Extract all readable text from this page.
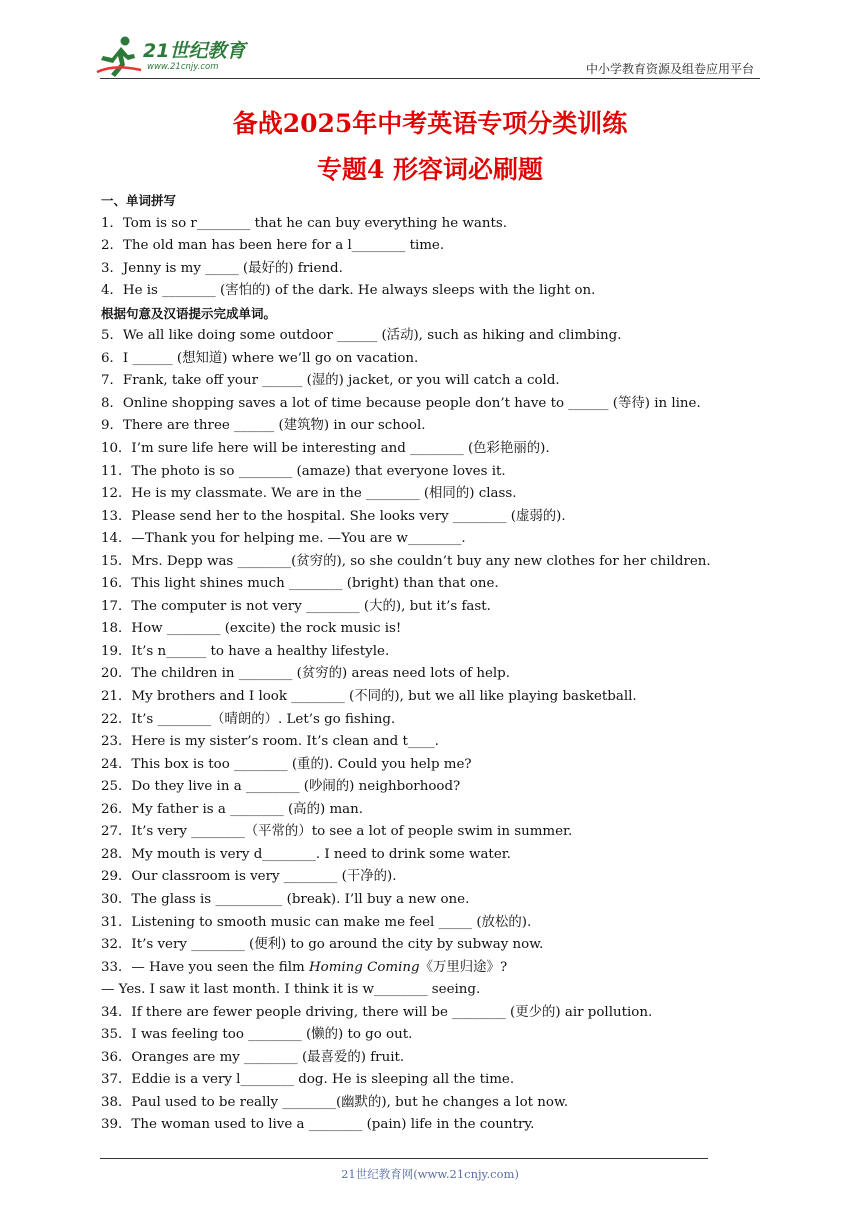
21世纪教育
www.21cnjy.com	中小学教育资源及组卷应用平台
备战2025年中考英语专项分类训练
专题4 形容词必刷题
一、单词拼写
1．Tom is so r________ that he can buy everything he wants.
2．The old man has been here for a l________ time.
3．Jenny is my _____ (最好的) friend.
4．He is ________ (害怕的) of the dark. He always sleeps with the light on.
根据句意及汉语提示完成单词。
5．We all like doing some outdoor ______ (活动), such as hiking and climbing.
6．I ______ (想知道) where we’ll go on vacation.
7．Frank, take off your ______ (湿的) jacket, or you will catch a cold.
8．Online shopping saves a lot of time because people don’t have to ______ (等待) in line.
9．There are three ______ (建筑物) in our school.
10．I’m sure life here will be interesting and ________ (色彩艳丽的).
11．The photo is so ________ (amaze) that everyone loves it.
12．He is my classmate. We are in the ________ (相同的) class.
13．Please send her to the hospital. She looks very ________ (虚弱的).
14．—Thank you for helping me. —You are w________.
15．Mrs. Depp was ________(贫穷的), so she couldn’t buy any new clothes for her children.
16．This light shines much ________ (bright) than that one.
17．The computer is not very ________ (大的), but it’s fast.
18．How ________ (excite) the rock music is!
19．It’s n______ to have a healthy lifestyle.
20．The children in ________ (贫穷的) areas need lots of help.
21．My brothers and I look ________ (不同的), but we all like playing basketball.
22．It’s ________（晴朗的）. Let’s go fishing.
23．Here is my sister’s room. It’s clean and t____.
24．This box is too ________ (重的). Could you help me?
25．Do they live in a ________ (吵闹的) neighborhood?
26．My father is a ________ (高的) man.
27．It’s very ________（平常的）to see a lot of people swim in summer.
28．My mouth is very d________. I need to drink some water.
29．Our classroom is very ________ (干净的).
30．The glass is __________ (break). I’ll buy a new one.
31．Listening to smooth music can make me feel _____ (放松的).
32．It’s very ________ (便利) to go around the city by subway now.
33．— Have you seen the film Homing Coming《万里归途》?
— Yes. I saw it last month. I think it is w________ seeing.
34．If there are fewer people driving, there will be ________ (更少的) air pollution.
35．I was feeling too ________ (懒的) to go out.
36．Oranges are my ________ (最喜爱的) fruit.
37．Eddie is a very l________ dog. He is sleeping all the time.
38．Paul used to be really ________(幽默的), but he changes a lot now.
39．The woman used to live a ________ (pain) life in the country.
21世纪教育网(www.21cnjy.com)
